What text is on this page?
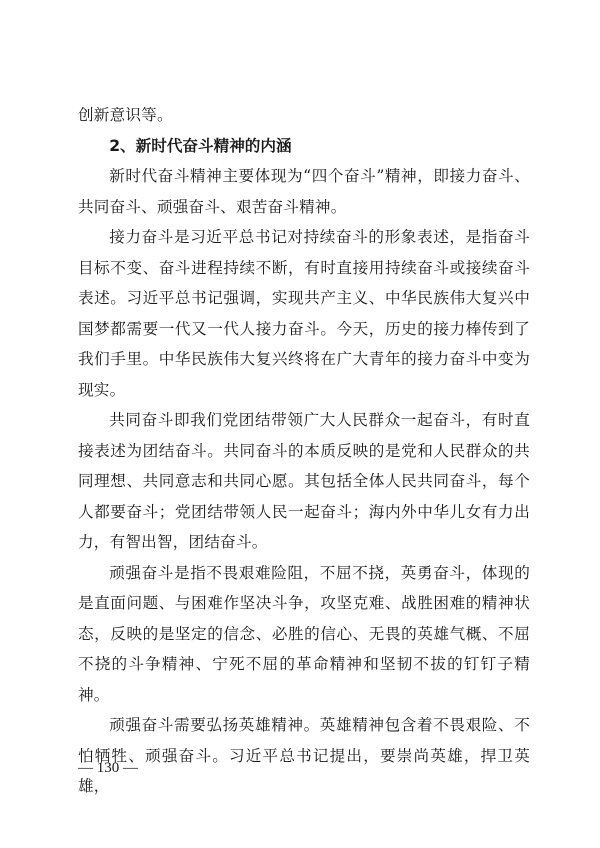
创新意识等。

2、新时代奋斗精神的内涵

新时代奋斗精神主要体现为“四个奋斗”精神，即接力奋斗、共同奋斗、顽强奋斗、艰苦奋斗精神。

接力奋斗是习近平总书记对持续奋斗的形象表述，是指奋斗目标不变、奋斗进程持续不断，有时直接用持续奋斗或接续奋斗表述。习近平总书记强调，实现共产主义、中华民族伟大复兴中国梦都需要一代又一代人接力奋斗。今天，历史的接力棒传到了我们手里。中华民族伟大复兴终将在广大青年的接力奋斗中变为现实。

共同奋斗即我们党团结带领广大人民群众一起奋斗，有时直接表述为团结奋斗。共同奋斗的本质反映的是党和人民群众的共同理想、共同意志和共同心愿。其包括全体人民共同奋斗，每个人都要奋斗；党团结带领人民一起奋斗；海内外中华儿女有力出力，有智出智，团结奋斗。

顽强奋斗是指不畏艰难险阻，不屈不挠，英勇奋斗，体现的是直面问题、与困难作坚决斗争，攻坚克难、战胜困难的精神状态，反映的是坚定的信念、必胜的信心、无畏的英雄气概、不屈不挠的斗争精神、宁死不屈的革命精神和坚韧不拔的钉钉子精神。

顽强奋斗需要弘扬英雄精神。英雄精神包含着不畏艰险、不怕牺牲、顽强奋斗。习近平总书记提出，要崇尚英雄，捍卫英雄，

— 130 —
